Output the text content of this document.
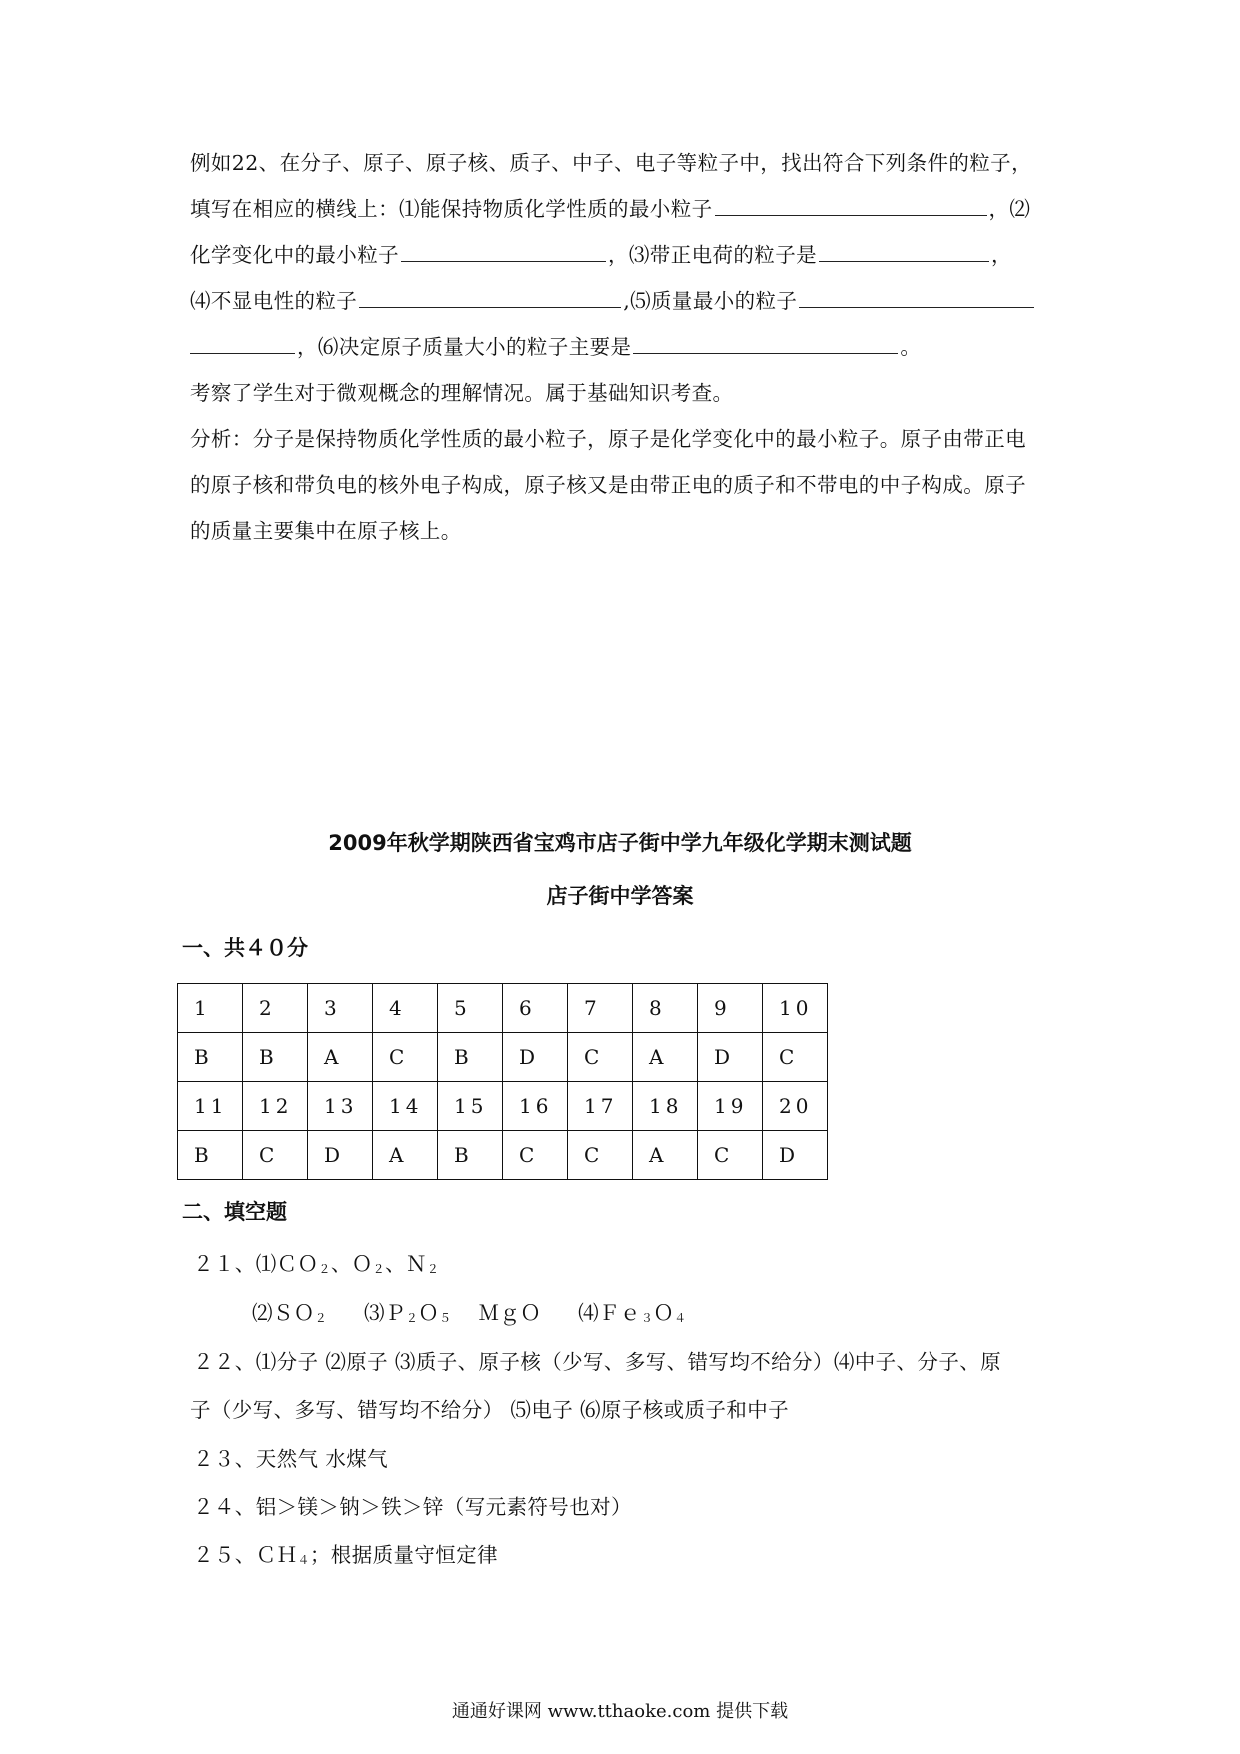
例如22、在分子、原子、原子核、质子、中子、电子等粒子中，找出符合下列条件的粒子，
填写在相应的横线上：⑴能保持物质化学性质的最小粒子	，⑵
化学变化中的最小粒子	，⑶带正电荷的粒子是	，
⑷不显电性的粒子	,⑸质量最小的粒子
，⑹决定原子质量大小的粒子主要是	。
考察了学生对于微观概念的理解情况。属于基础知识考查。
分析：分子是保持物质化学性质的最小粒子，原子是化学变化中的最小粒子。原子由带正电
的原子核和带负电的核外电子构成，原子核又是由带正电的质子和不带电的中子构成。原子
的质量主要集中在原子核上。
2009年秋学期陕西省宝鸡市店子街中学九年级化学期末测试题
店子街中学答案
一、共４０分
1	2	3	4	5	6	7	8	9	10
B	B	A	C	B	D	C	A	D	C
11	12	13	14	15	16	17	18	19	20
B	C	D	A	B	C	C	A	C	D
二、填空题
２１、⑴ＣＯ$_2$、Ｏ$_2$、Ｎ$_2$
⑵ＳＯ$_2$ ⑶Ｐ$_2$Ｏ$_5$ ＭｇＯ ⑷Ｆｅ$_3$Ｏ$_4$
２２、⑴分子 ⑵原子 ⑶质子、原子核（少写、多写、错写均不给分）⑷中子、分子、原
子（少写、多写、错写均不给分） ⑸电子 ⑹原子核或质子和中子
２３、天然气 水煤气
２４、铝＞镁＞钠＞铁＞锌（写元素符号也对）
２５、ＣＨ$_4$；根据质量守恒定律
通通好课网 www.tthaoke.com 提供下载
